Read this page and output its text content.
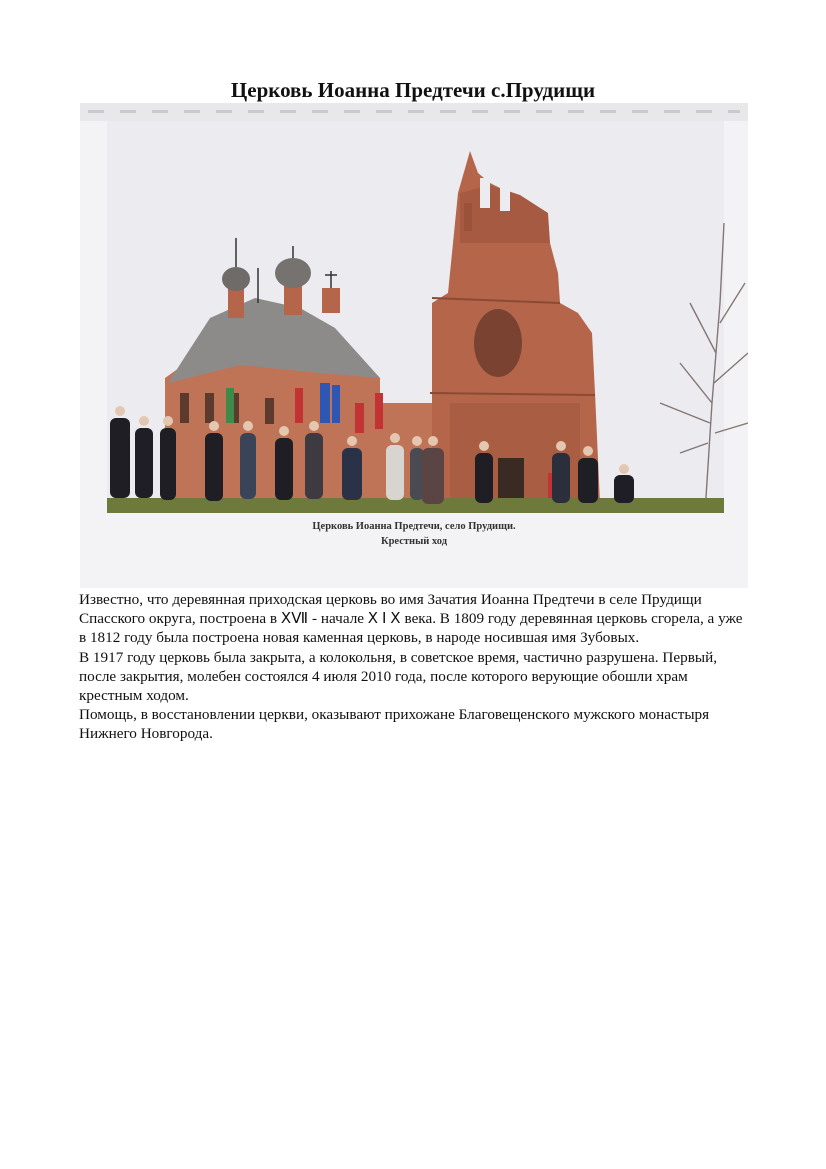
Церковь Иоанна Предтечи с.Прудищи
Церковь Иоанна Предтечи, село Прудищи.
Крестный ход

Известно, что деревянная приходская церковь во имя Зачатия Иоанна Предтечи в селе Прудищи Спасского округа, построена в ⅩⅦ - начале Ⅹ Ⅰ Ⅹ века. В 1809 году деревянная церковь сгорела, а уже в 1812 году была построена новая каменная церковь, в народе носившая имя Зубовых.

В 1917 году церковь была закрыта, а колокольня, в советское время, частично разрушена. Первый, после закрытия, молебен состоялся 4 июля 2010 года, после которого верующие обошли храм крестным ходом.

Помощь, в восстановлении церкви, оказывают прихожане Благовещенского мужского монастыря Нижнего Новгорода.
